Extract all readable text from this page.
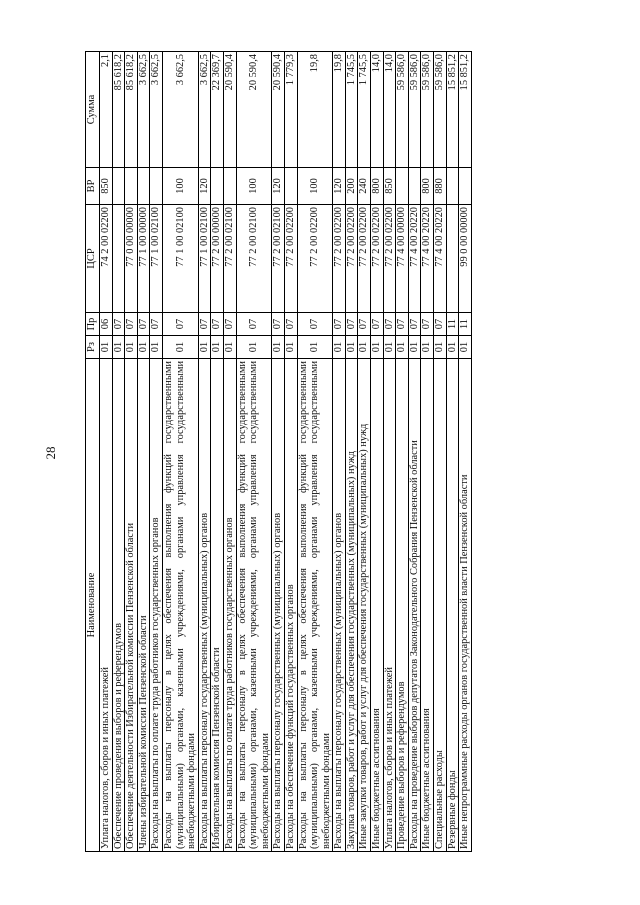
28
Наименование	Рз	Пр	ЦСР	ВР	Сумма
Уплата налогов, сборов и иных платежей	01	06	74 2 00 02200	850	2,1
Обеспечение проведения выборов и референдумов	01	07			85 618,2
Обеспечение деятельности Избирательной комиссии Пензенской области	01	07	77 0 00 00000		85 618,2
Члены избирательной комиссии Пензенской области	01	07	77 1 00 00000		3 662,5
Расходы на выплаты по оплате труда работников государственных органов	01	07	77 1 00 02100		3 662,5
Расходы на выплаты персоналу в целях обеспечения выполнения функций государственными (муниципальными) органами, казенными учреждениями, органами управления государственными внебюджетными фондами	01	07	77 1 00 02100	100	3 662,5
Расходы на выплаты персоналу государственных (муниципальных) органов	01	07	77 1 00 02100	120	3 662,5
Избирательная комиссия Пензенской области	01	07	77 2 00 00000		22 369,7
Расходы на выплаты по оплате труда работников государственных органов	01	07	77 2 00 02100		20 590,4
Расходы на выплаты персоналу в целях обеспечения выполнения функций государственными (муниципальными) органами, казенными учреждениями, органами управления государственными внебюджетными фондами	01	07	77 2 00 02100	100	20 590,4
Расходы на выплаты персоналу государственных (муниципальных) органов	01	07	77 2 00 02100	120	20 590,4
Расходы на обеспечение функций государственных органов	01	07	77 2 00 02200		1 779,3
Расходы на выплаты персоналу в целях обеспечения выполнения функций государственными (муниципальными) органами, казенными учреждениями, органами управления государственными внебюджетными фондами	01	07	77 2 00 02200	100	19,8
Расходы на выплаты персоналу государственных (муниципальных) органов	01	07	77 2 00 02200	120	19,8
Закупка товаров, работ и услуг для обеспечения государственных (муниципальных) нужд	01	07	77 2 00 02200	200	1 745,5
Иные закупки товаров, работ и услуг для обеспечения государственных (муниципальных) нужд	01	07	77 2 00 02200	240	1 745,5
Иные бюджетные ассигнования	01	07	77 2 00 02200	800	14,0
Уплата налогов, сборов и иных платежей	01	07	77 2 00 02200	850	14,0
Проведение выборов и референдумов	01	07	77 4 00 00000		59 586,0
Расходы на проведение выборов депутатов Законодательного Собрания Пензенской области	01	07	77 4 00 20220		59 586,0
Иные бюджетные ассигнования	01	07	77 4 00 20220	800	59 586,0
Специальные расходы	01	07	77 4 00 20220	880	59 586,0
Резервные фонды	01	11			15 851,2
Иные непрограммные расходы органов государственной власти Пензенской области	01	11	99 0 00 00000		15 851,2
